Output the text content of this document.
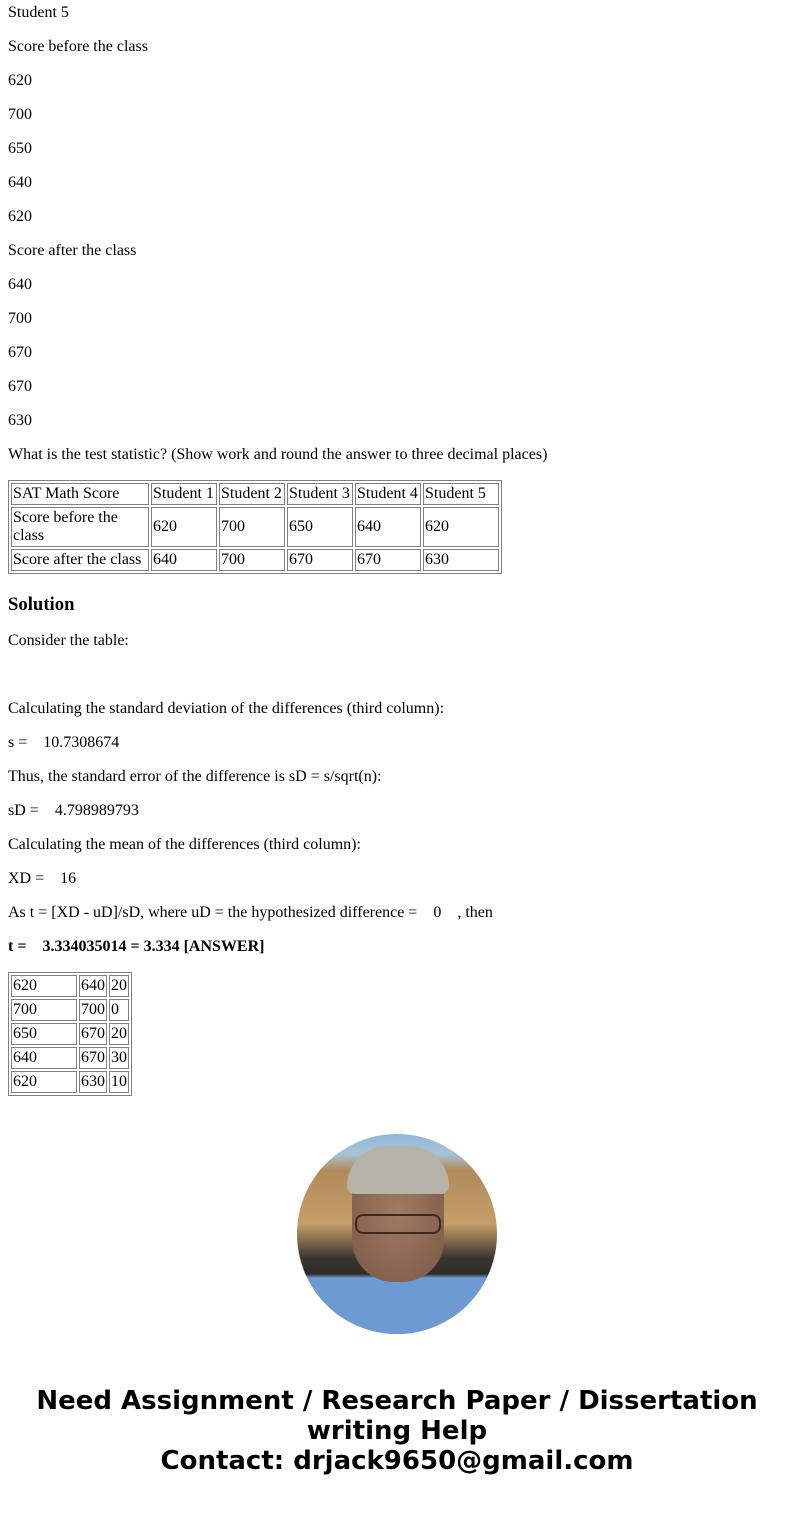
Student 5

Score before the class

620

700

650

640

620

Score after the class

640

700

670

670

630

What is the test statistic? (Show work and round the answer to three decimal places)

SAT Math Score	Student 1	Student 2	Student 3	Student 4	Student 5
Score before the class	620	700	650	640	620
Score after the class	640	700	670	670	630
Solution

Consider the table:

Calculating the standard deviation of the differences (third column):

s = 10.7308674

Thus, the standard error of the difference is sD = s/sqrt(n):

sD = 4.798989793

Calculating the mean of the differences (third column):

XD = 16

As t = [XD - uD]/sD, where uD = the hypothesized difference = 0 , then

t = 3.334035014 = 3.334 [ANSWER]

620	640	20
700	700	0
650	670	20
640	670	30
620	630	10
Need Assignment / Research Paper / Dissertation writing Help
Contact: drjack9650@gmail.com
